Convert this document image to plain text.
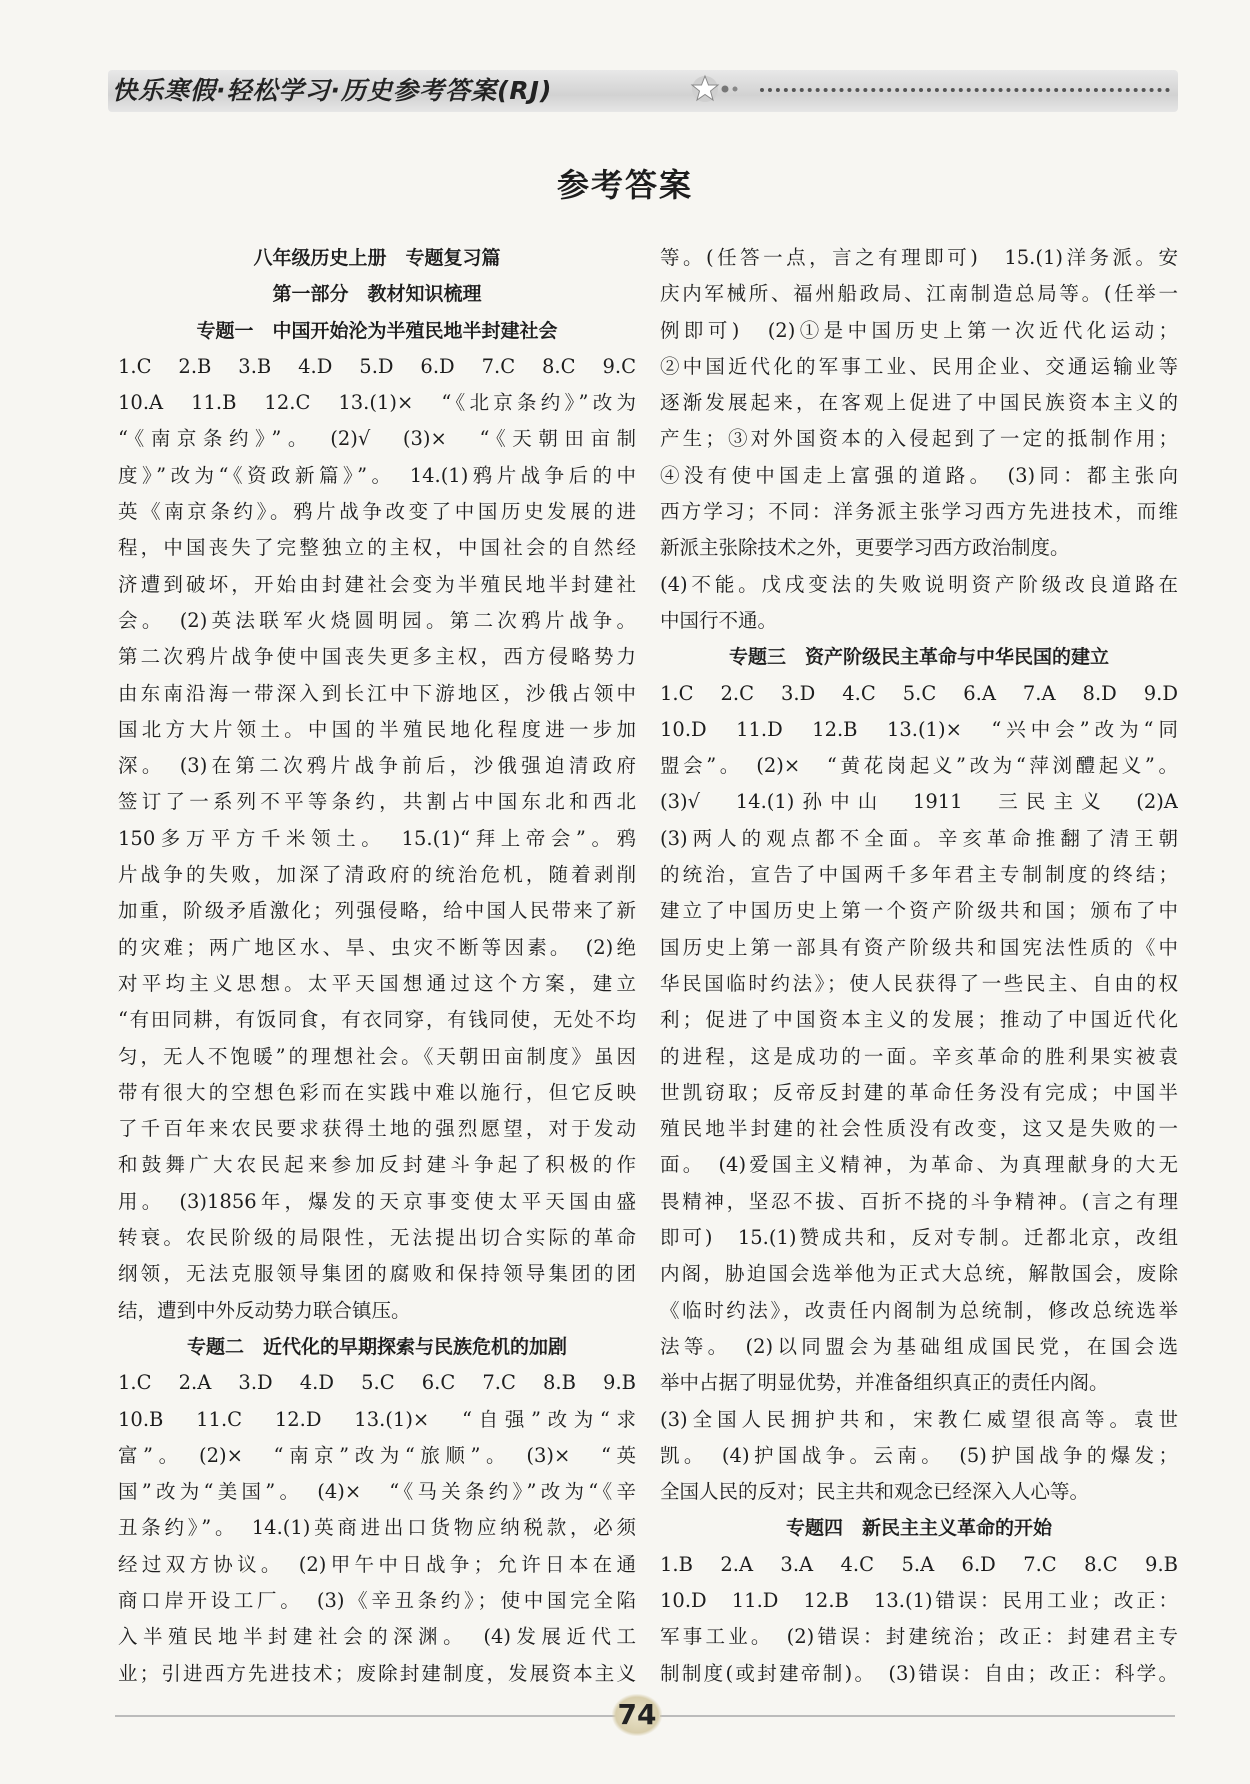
快乐寒假·轻松学习·历史参考答案(RJ)
参考答案
八年级历史上册　专题复习篇
第一部分　教材知识梳理
专题一　中国开始沦为半殖民地半封建社会
1.C　2.B　3.B　4.D　5.D　6.D　7.C　8.C　9.C
10.A　11.B　12.C　13.(1)×　“《北京条约》”改为
“《南京条约》”。　(2)√　(3)×　“《天朝田亩制
度》”改为“《资政新篇》”。　14.(1)鸦片战争后的中
英《南京条约》。鸦片战争改变了中国历史发展的进
程，中国丧失了完整独立的主权，中国社会的自然经
济遭到破坏，开始由封建社会变为半殖民地半封建社
会。　(2)英法联军火烧圆明园。第二次鸦片战争。
第二次鸦片战争使中国丧失更多主权，西方侵略势力
由东南沿海一带深入到长江中下游地区，沙俄占领中
国北方大片领土。中国的半殖民地化程度进一步加
深。　(3)在第二次鸦片战争前后，沙俄强迫清政府
签订了一系列不平等条约，共割占中国东北和西北
150多万平方千米领土。　15.(1)“拜上帝会”。鸦
片战争的失败，加深了清政府的统治危机，随着剥削
加重，阶级矛盾激化；列强侵略，给中国人民带来了新
的灾难；两广地区水、旱、虫灾不断等因素。　(2)绝
对平均主义思想。太平天国想通过这个方案，建立
“有田同耕，有饭同食，有衣同穿，有钱同使，无处不均
匀，无人不饱暖”的理想社会。《天朝田亩制度》虽因
带有很大的空想色彩而在实践中难以施行，但它反映
了千百年来农民要求获得土地的强烈愿望，对于发动
和鼓舞广大农民起来参加反封建斗争起了积极的作
用。　(3)1856年，爆发的天京事变使太平天国由盛
转衰。农民阶级的局限性，无法提出切合实际的革命
纲领，无法克服领导集团的腐败和保持领导集团的团
结，遭到中外反动势力联合镇压。
专题二　近代化的早期探索与民族危机的加剧
1.C　2.A　3.D　4.D　5.C　6.C　7.C　8.B　9.B
10.B　11.C　12.D　13.(1)×　“自强”改为“求
富”。　(2)×　“南京”改为“旅顺”。　(3)×　“英
国”改为“美国”。　(4)×　“《马关条约》”改为“《辛
丑条约》”。　14.(1)英商进出口货物应纳税款，必须
经过双方协议。　(2)甲午中日战争；允许日本在通
商口岸开设工厂。　(3)《辛丑条约》；使中国完全陷
入半殖民地半封建社会的深渊。　(4)发展近代工
业；引进西方先进技术；废除封建制度，发展资本主义
等。(任答一点，言之有理即可)　15.(1)洋务派。安
庆内军械所、福州船政局、江南制造总局等。(任举一
例即可)　(2)①是中国历史上第一次近代化运动；
②中国近代化的军事工业、民用企业、交通运输业等
逐渐发展起来，在客观上促进了中国民族资本主义的
产生；③对外国资本的入侵起到了一定的抵制作用；
④没有使中国走上富强的道路。　(3)同：都主张向
西方学习；不同：洋务派主张学习西方先进技术，而维
新派主张除技术之外，更要学习西方政治制度。
(4)不能。戊戌变法的失败说明资产阶级改良道路在
中国行不通。
专题三　资产阶级民主革命与中华民国的建立
1.C　2.C　3.D　4.C　5.C　6.A　7.A　8.D　9.D
10.D　11.D　12.B　13.(1)×　“兴中会”改为“同
盟会”。　(2)×　“黄花岗起义”改为“萍浏醴起义”。
(3)√　14.(1)孙中山　1911　三民主义　(2)A
(3)两人的观点都不全面。辛亥革命推翻了清王朝
的统治，宣告了中国两千多年君主专制制度的终结；
建立了中国历史上第一个资产阶级共和国；颁布了中
国历史上第一部具有资产阶级共和国宪法性质的《中
华民国临时约法》；使人民获得了一些民主、自由的权
利；促进了中国资本主义的发展；推动了中国近代化
的进程，这是成功的一面。辛亥革命的胜利果实被袁
世凯窃取；反帝反封建的革命任务没有完成；中国半
殖民地半封建的社会性质没有改变，这又是失败的一
面。　(4)爱国主义精神，为革命、为真理献身的大无
畏精神，坚忍不拔、百折不挠的斗争精神。(言之有理
即可)　15.(1)赞成共和，反对专制。迁都北京，改组
内阁，胁迫国会选举他为正式大总统，解散国会，废除
《临时约法》，改责任内阁制为总统制，修改总统选举
法等。　(2)以同盟会为基础组成国民党，在国会选
举中占据了明显优势，并准备组织真正的责任内阁。
(3)全国人民拥护共和，宋教仁威望很高等。袁世
凯。　(4)护国战争。云南。　(5)护国战争的爆发；
全国人民的反对；民主共和观念已经深入人心等。
专题四　新民主主义革命的开始
1.B　2.A　3.A　4.C　5.A　6.D　7.C　8.C　9.B
10.D　11.D　12.B　13.(1)错误：民用工业；改正：
军事工业。　(2)错误：封建统治；改正：封建君主专
制制度(或封建帝制)。　(3)错误：自由；改正：科学。
74
